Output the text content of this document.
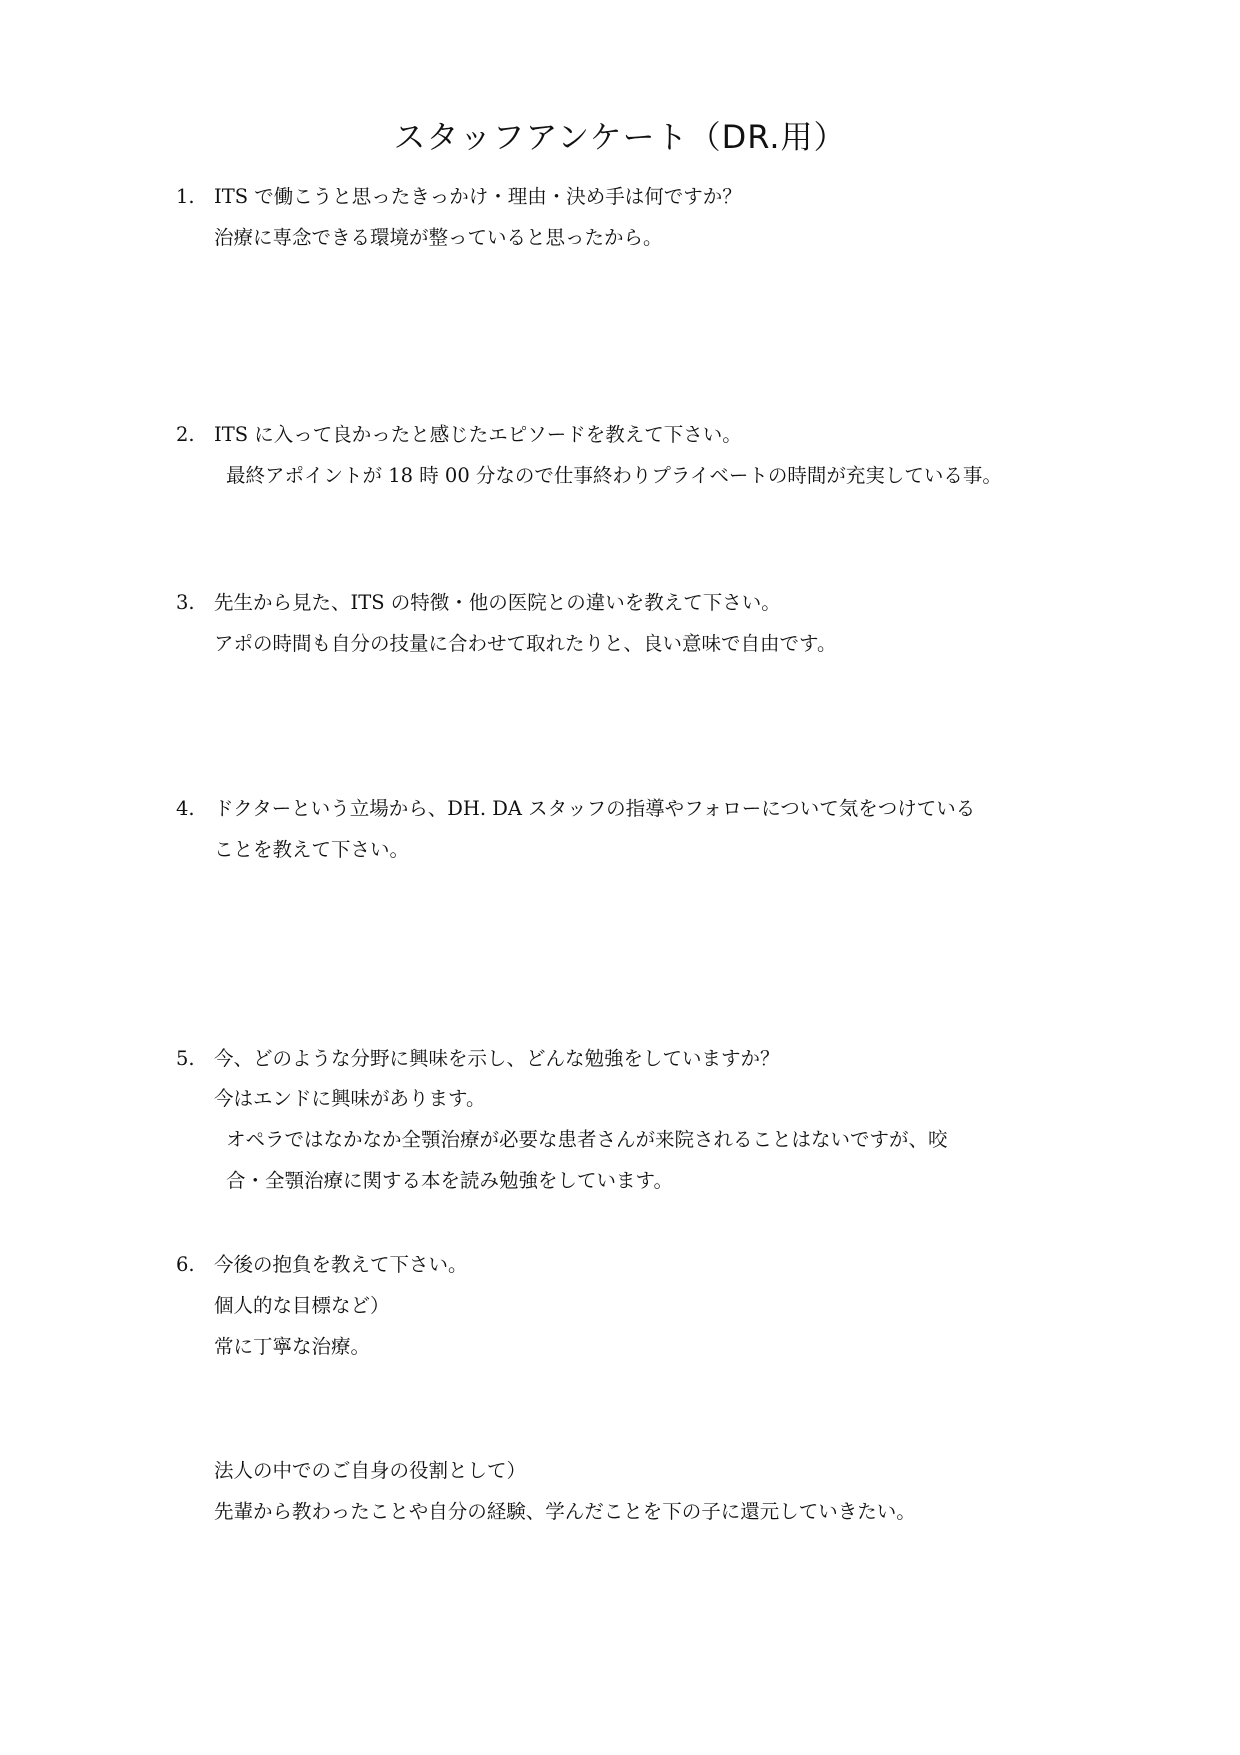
スタッフアンケート（DR.用）
1. ITS で働こうと思ったきっかけ・理由・決め手は何ですか？
治療に専念できる環境が整っていると思ったから。
2. ITS に入って良かったと感じたエピソードを教えて下さい。
最終アポイントが 18 時 00 分なので仕事終わりプライベートの時間が充実している事。
3. 先生から見た、ITS の特徴・他の医院との違いを教えて下さい。
アポの時間も自分の技量に合わせて取れたりと、良い意味で自由です。
4. ドクターという立場から、DH. DA スタッフの指導やフォローについて気をつけている
ことを教えて下さい。
5. 今、どのような分野に興味を示し、どんな勉強をしていますか？
今はエンドに興味があります。
オペラではなかなか全顎治療が必要な患者さんが来院されることはないですが、咬
合・全顎治療に関する本を読み勉強をしています。
6. 今後の抱負を教えて下さい。
個人的な目標など）
常に丁寧な治療。
法人の中でのご自身の役割として）
先輩から教わったことや自分の経験、学んだことを下の子に還元していきたい。
